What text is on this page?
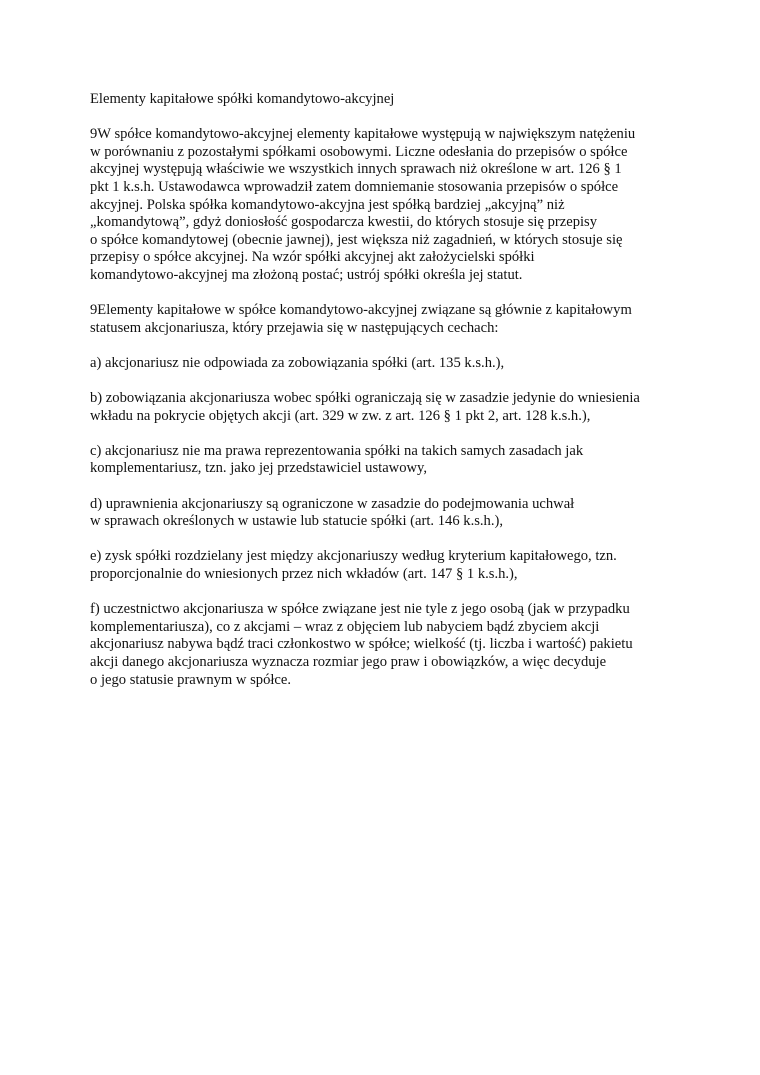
Elementy kapitałowe spółki komandytowo-akcyjnej
9W spółce komandytowo-akcyjnej elementy kapitałowe występują w największym natężeniu
w porównaniu z pozostałymi spółkami osobowymi. Liczne odesłania do przepisów o spółce
akcyjnej występują właściwie we wszystkich innych sprawach niż określone w art. 126 § 1
pkt 1 k.s.h. Ustawodawca wprowadził zatem domniemanie stosowania przepisów o spółce
akcyjnej. Polska spółka komandytowo-akcyjna jest spółką bardziej „akcyjną” niż
„komandytową”, gdyż doniosłość gospodarcza kwestii, do których stosuje się przepisy
o spółce komandytowej (obecnie jawnej), jest większa niż zagadnień, w których stosuje się
przepisy o spółce akcyjnej. Na wzór spółki akcyjnej akt założycielski spółki
komandytowo-akcyjnej ma złożoną postać; ustrój spółki określa jej statut.
9Elementy kapitałowe w spółce komandytowo-akcyjnej związane są głównie z kapitałowym
statusem akcjonariusza, który przejawia się w następujących cechach:
a) akcjonariusz nie odpowiada za zobowiązania spółki (art. 135 k.s.h.),
b) zobowiązania akcjonariusza wobec spółki ograniczają się w zasadzie jedynie do wniesienia
wkładu na pokrycie objętych akcji (art. 329 w zw. z art. 126 § 1 pkt 2, art. 128 k.s.h.),
c) akcjonariusz nie ma prawa reprezentowania spółki na takich samych zasadach jak
komplementariusz, tzn. jako jej przedstawiciel ustawowy,
d) uprawnienia akcjonariuszy są ograniczone w zasadzie do podejmowania uchwał
w sprawach określonych w ustawie lub statucie spółki (art. 146 k.s.h.),
e) zysk spółki rozdzielany jest między akcjonariuszy według kryterium kapitałowego, tzn.
proporcjonalnie do wniesionych przez nich wkładów (art. 147 § 1 k.s.h.),
f) uczestnictwo akcjonariusza w spółce związane jest nie tyle z jego osobą (jak w przypadku
komplementariusza), co z akcjami – wraz z objęciem lub nabyciem bądź zbyciem akcji
akcjonariusz nabywa bądź traci członkostwo w spółce; wielkość (tj. liczba i wartość) pakietu
akcji danego akcjonariusza wyznacza rozmiar jego praw i obowiązków, a więc decyduje
o jego statusie prawnym w spółce.
